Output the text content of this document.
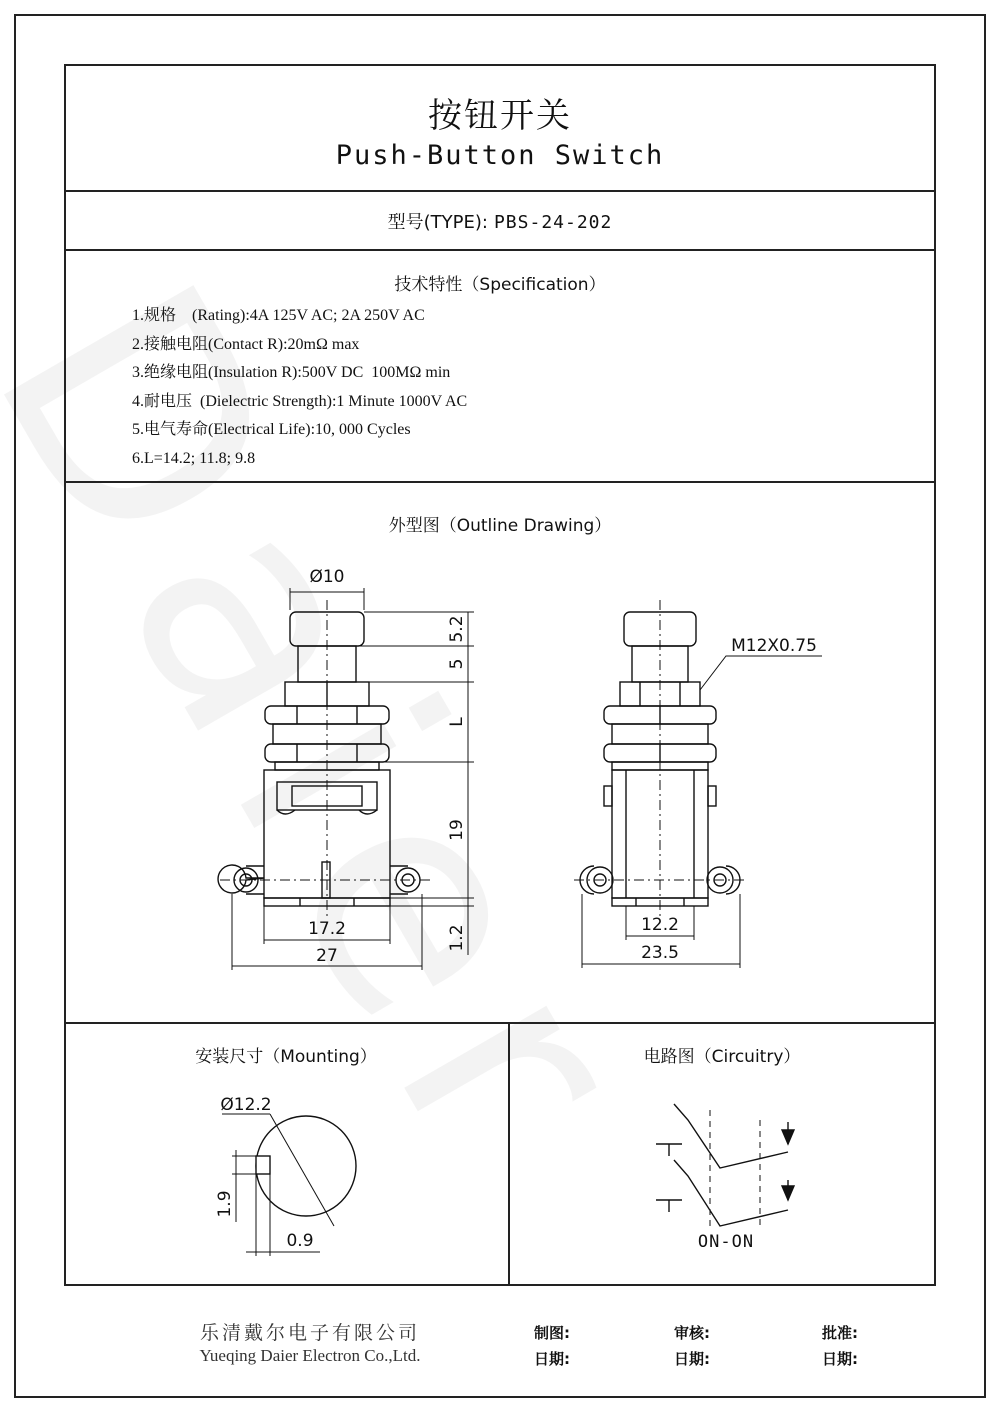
按钮开关
Push-Button Switch
型号(TYPE): PBS-24-202
技术特性（Specification）
1.规格    (Rating):4A 125V AC; 2A 250V AC
2.接触电阻(Contact R):20mΩ max
3.绝缘电阻(Insulation R):500V DC  100MΩ min
4.耐电压  (Dielectric Strength):1 Minute 1000V AC
5.电气寿命(Electrical Life):10, 000 Cycles
6.L=14.2; 11.8; 9.8
外型图（Outline Drawing）
Ø10
5.2
5
L
19
1.2
17.2
27
M12X0.75
12.2
23.5
Ø12.2
1.9
0.9	ON-ON
安装尺寸（Mounting）	电路图（Circuitry）
乐清戴尔电子有限公司
Yueqing Daier Electron Co.,Ltd.
制图:	审核:	批准:
日期:	日期:	日期:
